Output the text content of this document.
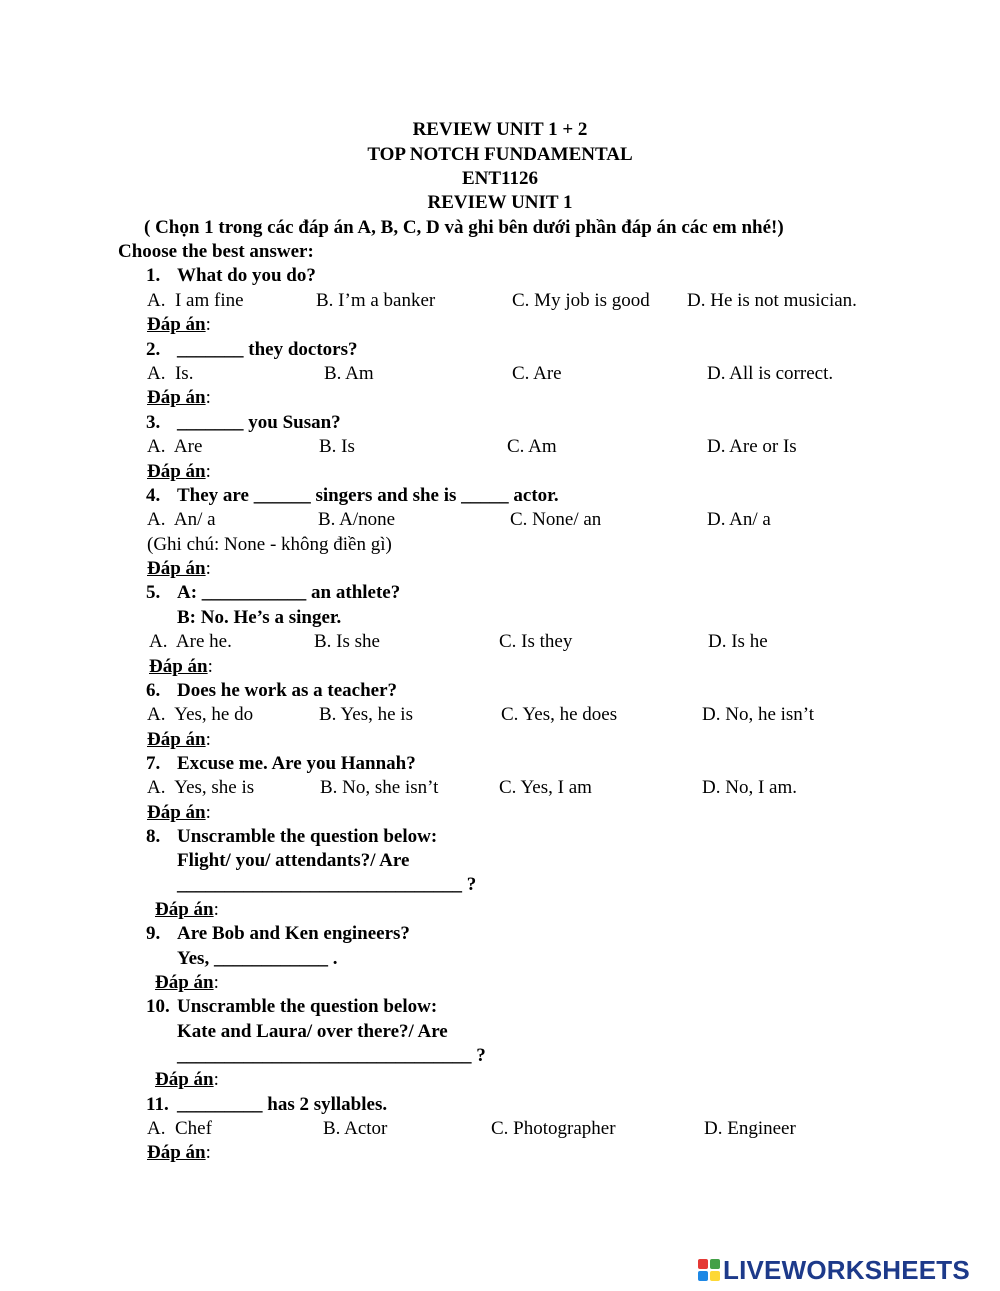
REVIEW UNIT 1 + 2
TOP NOTCH FUNDAMENTAL
ENT1126
REVIEW UNIT 1
( Chọn 1 trong các đáp án A, B, C, D và ghi bên dưới phần đáp án các em nhé!)
Choose the best answer:
1. What do you do?
A.  I am fine	B. I’m a banker	C. My job is good D. He is not musician.
Đáp án:
2. _______ they doctors?
A.  Is.	B. Am	C. Are	D. All is correct.
Đáp án:
3. _______ you Susan?
A.  Are	B. Is	C. Am	D. Are or Is
Đáp án:
4. They are ______ singers and she is _____ actor.
A.  An/ a	B. A/none	C. None/ an	D. An/ a
(Ghi chú: None - không điền gì)
Đáp án:
5. A: ___________ an athlete?
B: No. He’s a singer.
A.  Are he.	B. Is she	C. Is they	D. Is he
Đáp án:
6. Does he work as a teacher?
A.  Yes, he do	B. Yes, he is	C. Yes, he does	D. No, he isn’t
Đáp án:
7. Excuse me. Are you Hannah?
A.  Yes, she is	B. No, she isn’t	C. Yes, I am	D. No, I am.
Đáp án:
8. Unscramble the question below:
Flight/ you/ attendants?/ Are
______________________________ ?
Đáp án:
9. Are Bob and Ken engineers?
Yes, ____________ .
Đáp án:
10. Unscramble the question below:
Kate and Laura/ over there?/ Are
_______________________________ ?
Đáp án:
11. _________ has 2 syllables.
A.  Chef	B. Actor	C. Photographer	D. Engineer
Đáp án:
LIVEWORKSHEETS
